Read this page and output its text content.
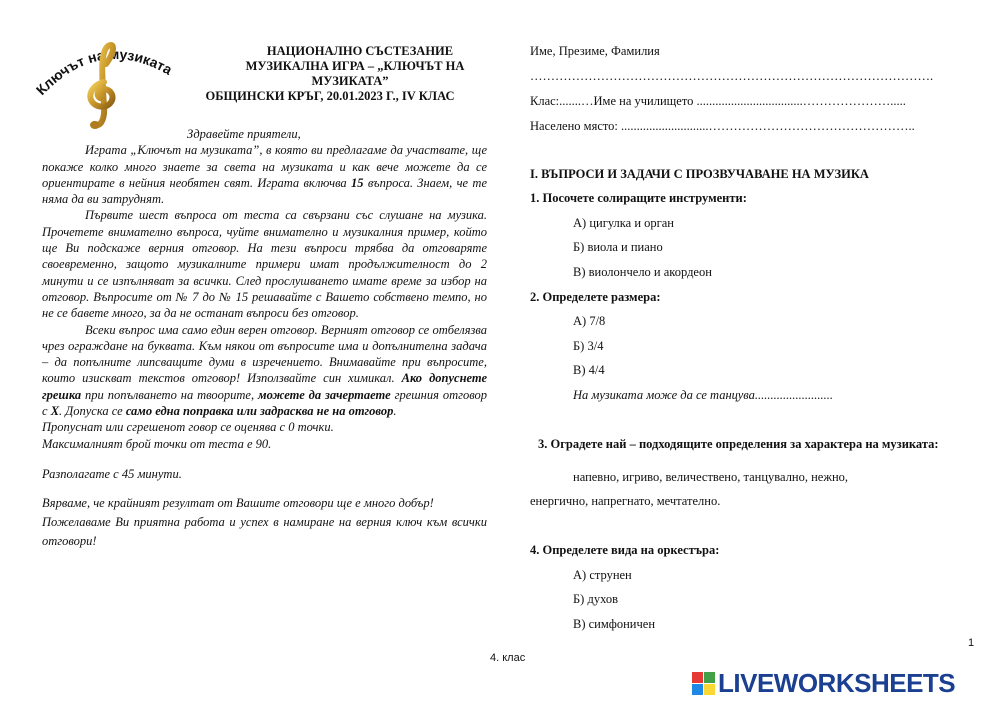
Ключът на музиката
НАЦИОНАЛНО СЪСТЕЗАНИЕ
МУЗИКАЛНА ИГРА – „КЛЮЧЪТ НА
МУЗИКАТА”
ОБЩИНСКИ КРЪГ, 20.01.2023 Г., IV КЛАС

Здравейте приятели,

Играта „Ключът на музиката”, в която ви предлагаме да участвате, ще покаже колко много знаете за света на музиката и как вече можете да се ориентирате в нейния необятен свят. Играта включва 15 въпроса. Знаем, че те няма да ви затруднят.

Първите шест въпроса от теста са свързани със слушане на музика. Прочетете внимателно въпроса, чуйте внимателно и музикалния пример, който ще Ви подскаже верния отговор. На тези въпроси трябва да отговаряте своевременно, защото музикалните примери имат продължителност до 2 минути и се изпълняват за всички. След прослушването имате време за избор на отговор. Въпросите от № 7 до № 15 решавайте с Вашето собствено темпо, но не се бавете много, за да не останат въпроси без отговор.

Всеки въпрос има само един верен отговор. Верният отговор се отбелязва чрез ограждане на буквата. Към някои от въпросите има и допълнителна задача – да попълните липсващите думи в изречението. Внимавайте при въпросите, които изискват текстов отговор! Използвайте син химикал. Ако допуснете грешка при попълването на твоорите, можете да зачертаете грешния отговор с Х. Допуска се само една поправка или задрасква не на отговор.

Пропуснат или сгрешенот говор се оценява с 0 точки.

Максималният брой точки от теста е 90.

Разполагате с 45 минути.

Вярваме, че крайният резултат от Вашите отговори ще е много добър!

Пожелаваме Ви приятна работа и успех в намиране на верния ключ към всички отговори!

Име, Презиме, Фамилия
…………………………………………………………………………………….
Клас:.......…Име на училището ..................................………………….....
Населено място: ............................…………………………………………..
I. ВЪПРОСИ И ЗАДАЧИ С ПРОЗВУЧАВАНЕ НА МУЗИКА
1. Посочете солиращите инструменти:
А) цигулка и орган
Б) виола и пиано
В) виолончело и акордеон
2. Определете размера:
А) 7/8
Б) 3/4
В) 4/4
На музиката може да се танцува.........................
3. Оградете най – подходящите определения за характера на музиката:
напевно, игриво, величествено, танцувално, нежно,
енергично, напрегнато, мечтателно.
4. Определете вида на оркестъра:
А) струнен
Б) духов
В) симфоничен
1
4. клас
LIVEWORKSHEETS
